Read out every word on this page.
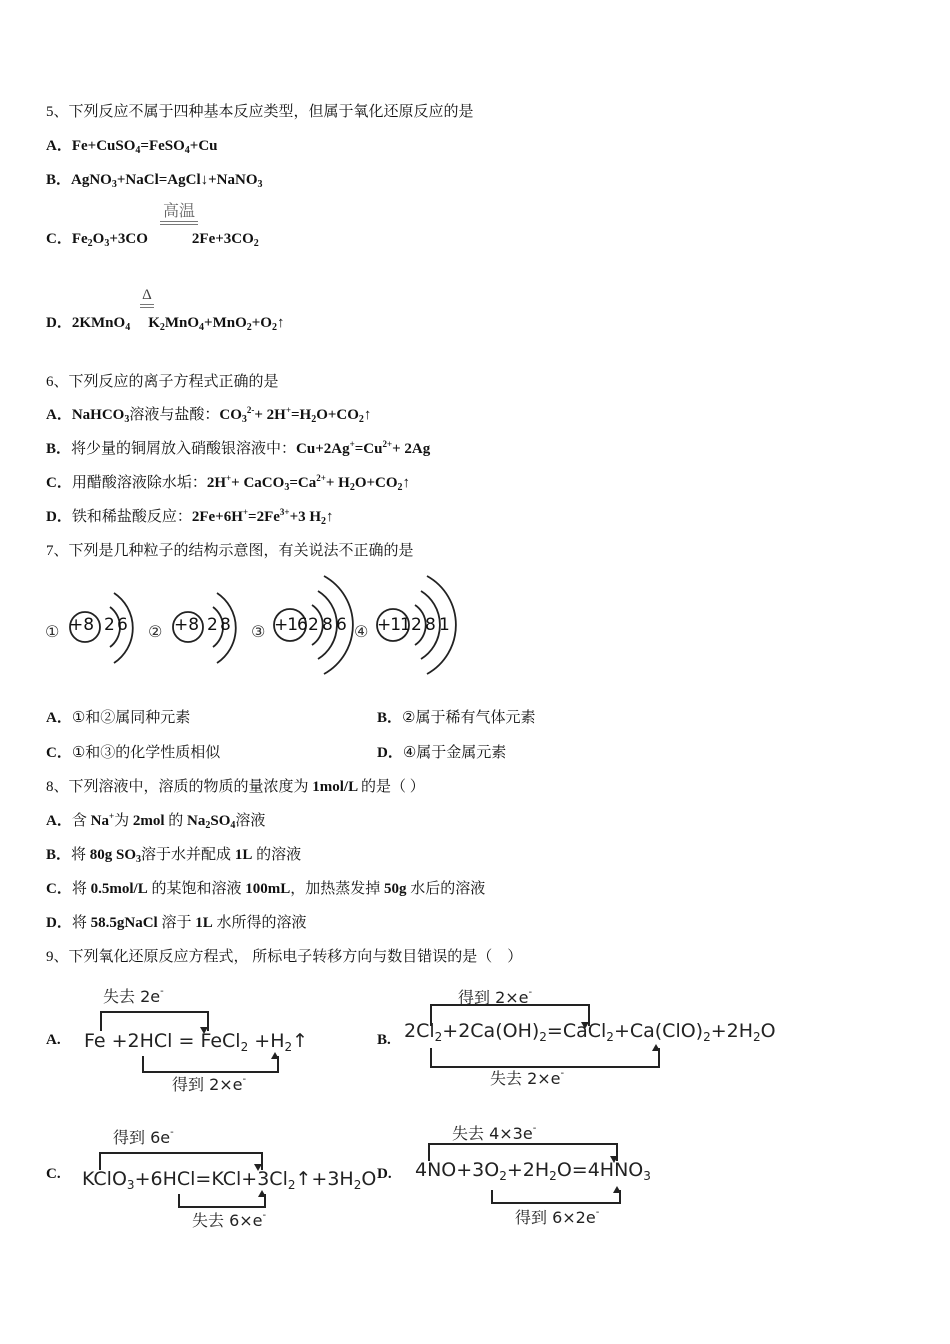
5、下列反应不属于四种基本反应类型，但属于氧化还原反应的是
A．Fe+CuSO$_4$=FeSO$_4$+Cu
B．AgNO$_3$+NaCl=AgCl↓+NaNO$_3$
C．$Fe_2O_3+3CO$	$2Fe+3CO_2$
高温
D．2KMnO$_4$ $K_2MnO_4+MnO_2+O_2↑$
Δ
6、下列反应的离子方程式正确的是
A．NaHCO$_3$溶液与盐酸：$CO_3^{2-}+$ $2H^+=H_2O+CO_2↑$
B．将少量的铜屑放入硝酸银溶液中：$Cu+2Ag^+=Cu^{2+}+ 2Ag$
C．用醋酸溶液除水垢：$2H^++ CaCO_3=Ca^{2+}+$ $H_2O+CO_2↑$
D．铁和稀盐酸反应：$2Fe+6H^+=2Fe^{3+}+3$ $H_2↑$
7、下列是几种粒子的结构示意图，有关说法不正确的是
① +8 2 6 ② +8 2 8 ③ +16 2 8 6 ④ +11 2 8 1
A．①和②属同种元素	B．②属于稀有气体元素
C．①和③的化学性质相似	D．④属于金属元素
8、下列溶液中，溶质的物质的量浓度为 1mol/L 的是（ ）
A．含 Na+为 2mol 的 $Na_2SO_4$溶液
B．将 80g $SO_3$溶于水并配成 1L 的溶液
C．将 0.5mol/L 的某饱和溶液 100mL，加热蒸发掉 50g 水后的溶液
D．将 58.5gNaCl 溶于 1L 水所得的溶液
9、下列氧化还原反应方程式， 所标电子转移方向与数目错误的是（　）
A.
失去 2e-
Fe +2HCl = FeCl$_2$ $+H_2↑$
得到 2×e-
B.
得到 2×e-
$2Cl_2+2Ca(OH)_2=CaCl_2+Ca(ClO)_2+2H_2O$
失去 2×e-
C.
得到 6e-
$KClO_3+6HCl=KCl+3Cl_2↑+3H_2O$
失去 6×e-
D.
失去 4×3e-
$4NO+3O_2+2H_2O=4HNO_3$
得到 6×2e-
